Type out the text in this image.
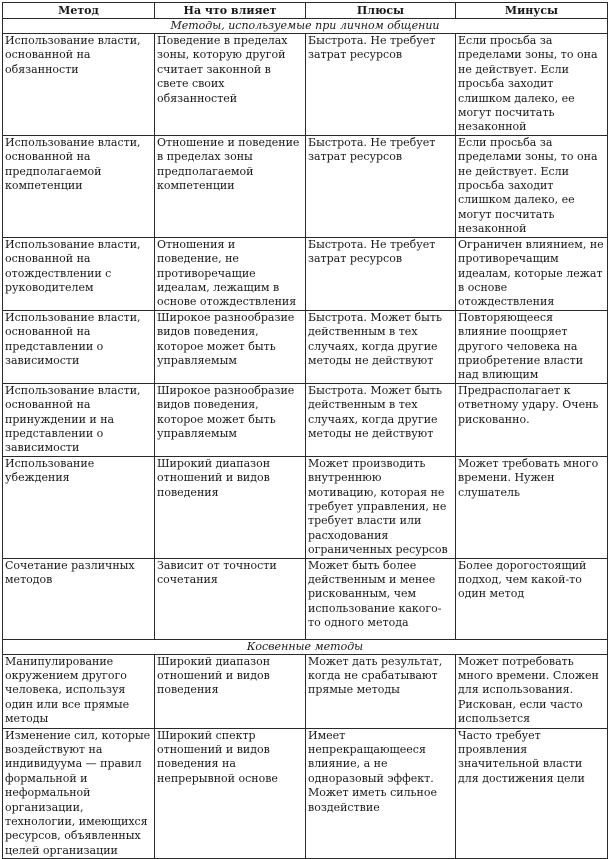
Метод	На что влияет	Плюсы	Минусы
Методы, используемые при личном общении			
Использование власти, основанной на обязанности	Поведение в пределах зоны, которую другой считает законной в свете своих обязанностей	Быстрота. Не требует затрат ресурсов	Если просьба за пределами зоны, то она не действует. Если просьба заходит слишком далеко, ее могут посчитать незаконной
Использование власти, основанной на предполагаемой компетенции	Отношение и поведение в пределах зоны предполагаемой компетенции	Быстрота. Не требует затрат ресурсов	Если просьба за пределами зоны, то она не действует. Если просьба заходит слишком далеко, ее могут посчитать незаконной
Использование власти, основанной на отождествлении с руководителем	Отношения и поведение, не противоречащие идеалам, лежащим в основе отождествления	Быстрота. Не требует затрат ресурсов	Ограничен влиянием, не противоречащим идеалам, которые лежат в основе отождествления
Использование власти, основанной на представлении о зависимости	Широкое разнообразие видов поведения, которое может быть управляемым	Быстрота. Может быть действенным в тех случаях, когда другие методы не действуют	Повторяющееся влияние поощряет другого человека на приобретение власти над влиющим
Использование власти, основанной на принуждении и на представлении о зависимости	Широкое разнообразие видов поведения, которое может быть управляемым	Быстрота. Может быть действенным в тех случаях, когда другие методы не действуют	Предрасполагает к ответному удару. Очень рискованно.
Использование убеждения	Широкий диапазон отношений и видов поведения	Может производить внутреннюю мотивацию, которая не требует управления, не требует власти или расходования ограниченных ресурсов	Может требовать много времени. Нужен слушатель
Сочетание различных методов	Зависит от точности сочетания	Может быть более действенным и менее рискованным, чем использование какого-то одного метода	Более дорогостоящий подход, чем какой-то один метод
Косвенные методы			
Манипулирование окружением другого человека, используя один или все прямые методы	Широкий диапазон отношений и видов поведения	Может дать результат, когда не срабатывают прямые методы	Может потребовать много времени. Сложен для использования. Рискован, если часто использется
Изменение сил, которые воздействуют на индивидуума — правил формальной и неформальной организации, технологии, имеющихся ресурсов, объявленных целей организации	Широкий спектр отношений и видов поведения на непрерывной основе	Имеет непрекращающееся влияние, а не одноразовый эффект. Может иметь сильное воздействие	Часто требует проявления значительной власти для достижения цели
